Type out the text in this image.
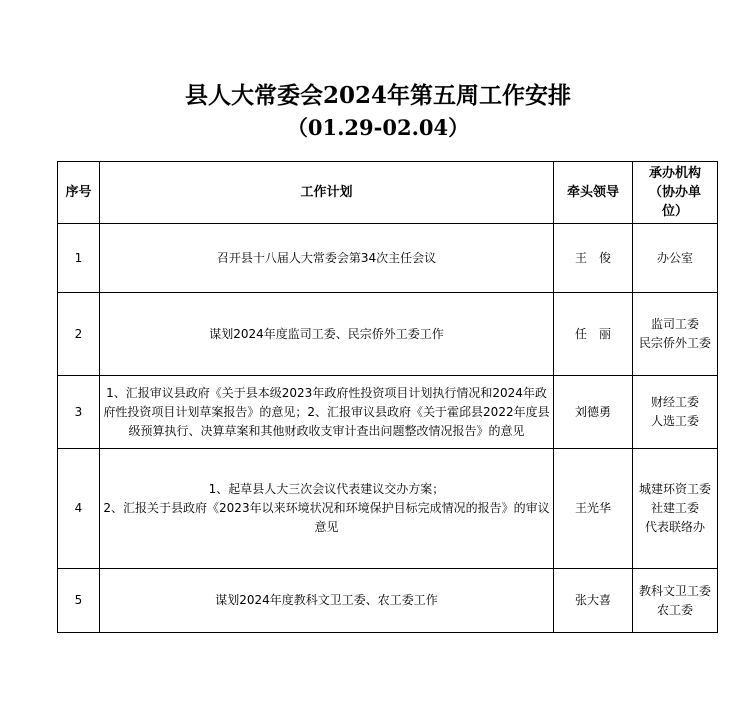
县人大常委会2024年第五周工作安排
（01.29-02.04）
序号	工作计划	牵头领导	承办机构（协办单位）
1	召开县十八届人大常委会第34次主任会议	王俊	办公室

2	谋划2024年度监司工委、民宗侨外工委工作	任丽	监司工委
民宗侨外工委

3	1、汇报审议县政府《关于县本级2023年政府性投资项目计划执行情况和2024年政府性投资项目计划草案报告》的意见；2、汇报审议县政府《关于霍邱县2022年度县级预算执行、决算草案和其他财政收支审计查出问题整改情况报告》的意见	刘德勇	财经工委
人选工委

4	1、起草县人大三次会议代表建议交办方案；
2、汇报关于县政府《2023年以来环境状况和环境保护目标完成情况的报告》的审议意见	王光华	城建环资工委
社建工委
代表联络办

5	谋划2024年度教科文卫工委、农工委工作	张大喜	教科文卫工委
农工委
